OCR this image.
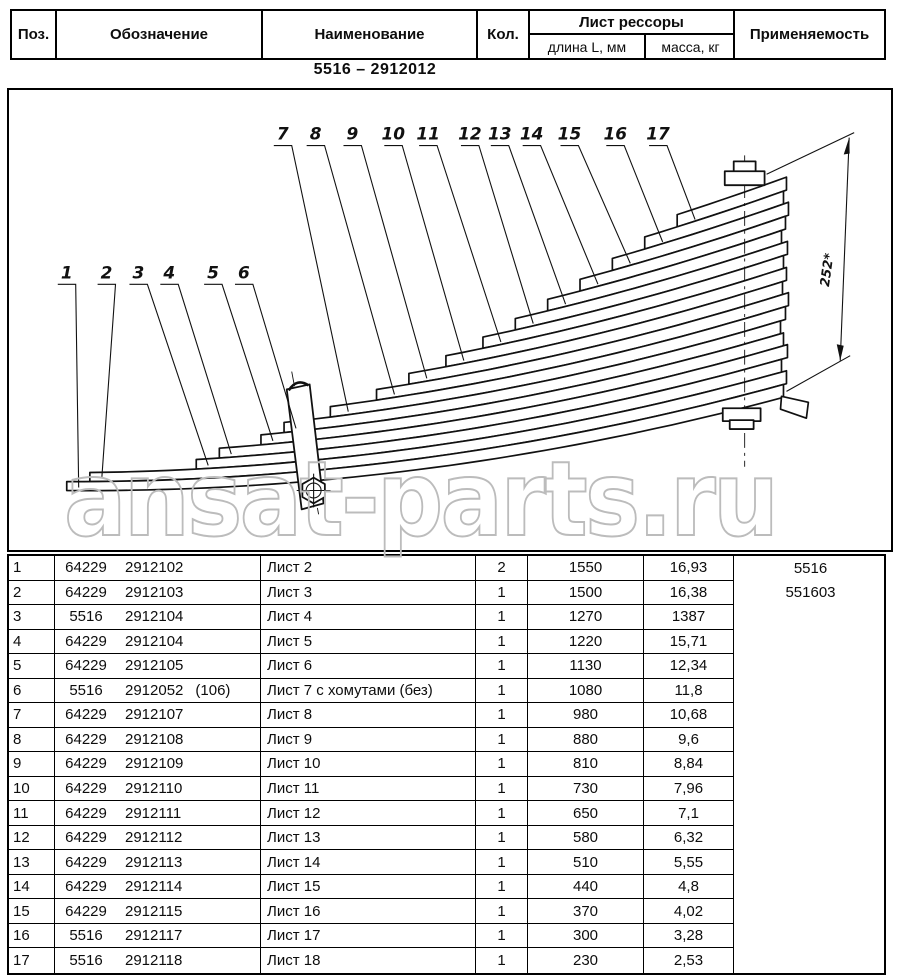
Поз.	Обозначение	Наименование	Кол.
Лист рессоры
длина L, мм	масса, кг
Применяемость
5516 – 2912012
252*
1 2 3 4 5 6
7 8 9 10 11 12 13 14 15 16 17
ansat-parts.ru
1	64229	2912102	Лист 2	2	1550	16,93
2	64229	2912103	Лист 3	1	1500	16,38
3	5516	2912104	Лист 4	1	1270	1387
4	64229	2912104	Лист 5	1	1220	15,71
5	64229	2912105	Лист 6	1	1130	12,34
6	5516	2912052 (106)	Лист 7 с хомутами (без)	1	1080	11,8
7	64229	2912107	Лист 8	1	980	10,68
8	64229	2912108	Лист 9	1	880	9,6
9	64229	2912109	Лист 10	1	810	8,84
10	64229	2912110	Лист 11	1	730	7,96
11	64229	2912111	Лист 12	1	650	7,1
12	64229	2912112	Лист 13	1	580	6,32
13	64229	2912113	Лист 14	1	510	5,55
14	64229	2912114	Лист 15	1	440	4,8
15	64229	2912115	Лист 16	1	370	4,02
16	5516	2912117	Лист 17	1	300	3,28
17	5516	2912118	Лист 18	1	230	2,53
5516
551603
